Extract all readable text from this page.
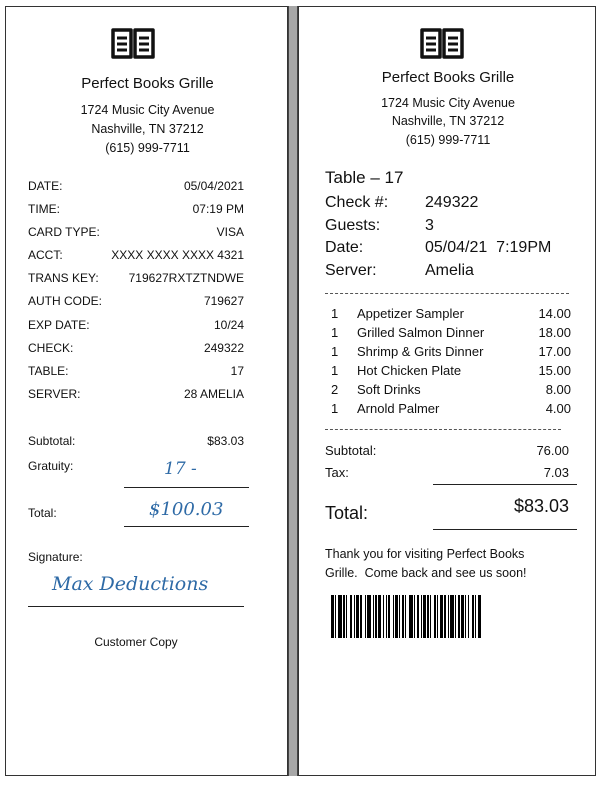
Perfect Books Grille
1724 Music City Avenue
Nashville, TN 37212
(615) 999-7711
DATE:	05/04/2021
TIME:	07:19 PM
CARD TYPE:	VISA
ACCT:	XXXX XXXX XXXX 4321
TRANS KEY: 719627RXTZTNDWE
AUTH CODE:	719627
EXP DATE:	10/24
CHECK:	249322
TABLE:	17
SERVER:	28 AMELIA
Subtotal:	$83.03
Gratuity:	17 -
Total:	$100.03
Signature:
Max Deductions
Customer Copy
Perfect Books Grille
1724 Music City Avenue
Nashville, TN 37212
(615) 999-7711
Table – 17
Check #: 249322
Guests:	3
Date:	05/04/21  7:19PM
Server:	Amelia
1 Appetizer Sampler	14.00
1 Grilled Salmon Dinner	18.00
1 Shrimp & Grits Dinner	17.00
1 Hot Chicken Plate	15.00
2 Soft Drinks	8.00
1 Arnold Palmer	4.00
Subtotal:	76.00
Tax:	7.03
Total:	$83.03
Thank you for visiting Perfect Books
Grille.  Come back and see us soon!
